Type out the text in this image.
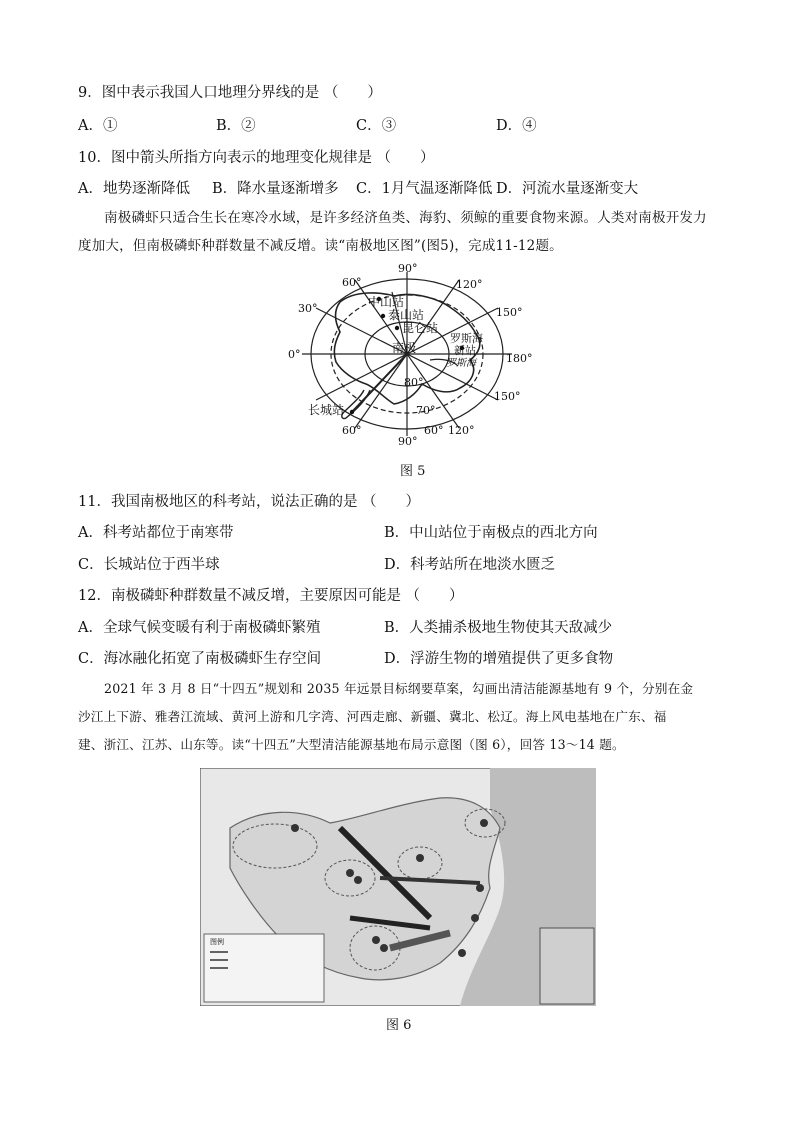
9．图中表示我国人口地理分界线的是 （　　）
A．①	B．②	C．③	D．④
10．图中箭头所指方向表示的地理变化规律是 （　　）
A．地势逐渐降低 B．降水量逐渐增多 C．1月气温逐渐降低 D．河流水量逐渐变大
南极磷虾只适合生长在寒冷水域，是许多经济鱼类、海豹、须鲸的重要食物来源。人类对南极开发力
度加大，但南极磷虾种群数量不减反增。读“南极地区图”(图5)，完成11-12题。
90°
60°	120°
30°	150°
0°	180°
150°
60°
90°
60° 120°
80°
70°
中山站
泰山站
昆仑站
罗斯海
新站
南极
罗斯海
长城站
图 5
11．我国南极地区的科考站，说法正确的是 （　　）
A．科考站都位于南寒带	B．中山站位于南极点的西北方向
C．长城站位于西半球	D．科考站所在地淡水匮乏
12．南极磷虾种群数量不减反增，主要原因可能是 （　　）
A．全球气候变暖有利于南极磷虾繁殖	B．人类捕杀极地生物使其天敌减少
C．海冰融化拓宽了南极磷虾生存空间	D．浮游生物的增殖提供了更多食物
2021 年 3 月 8 日“十四五”规划和 2035 年远景目标纲要草案，勾画出清洁能源基地有 9 个，分别在金
沙江上下游、雅砻江流域、黄河上游和几字湾、河西走廊、新疆、冀北、松辽。海上风电基地在广东、福
建、浙江、江苏、山东等。读“十四五”大型清洁能源基地布局示意图（图 6），回答 13～14 题。
图例
图 6
